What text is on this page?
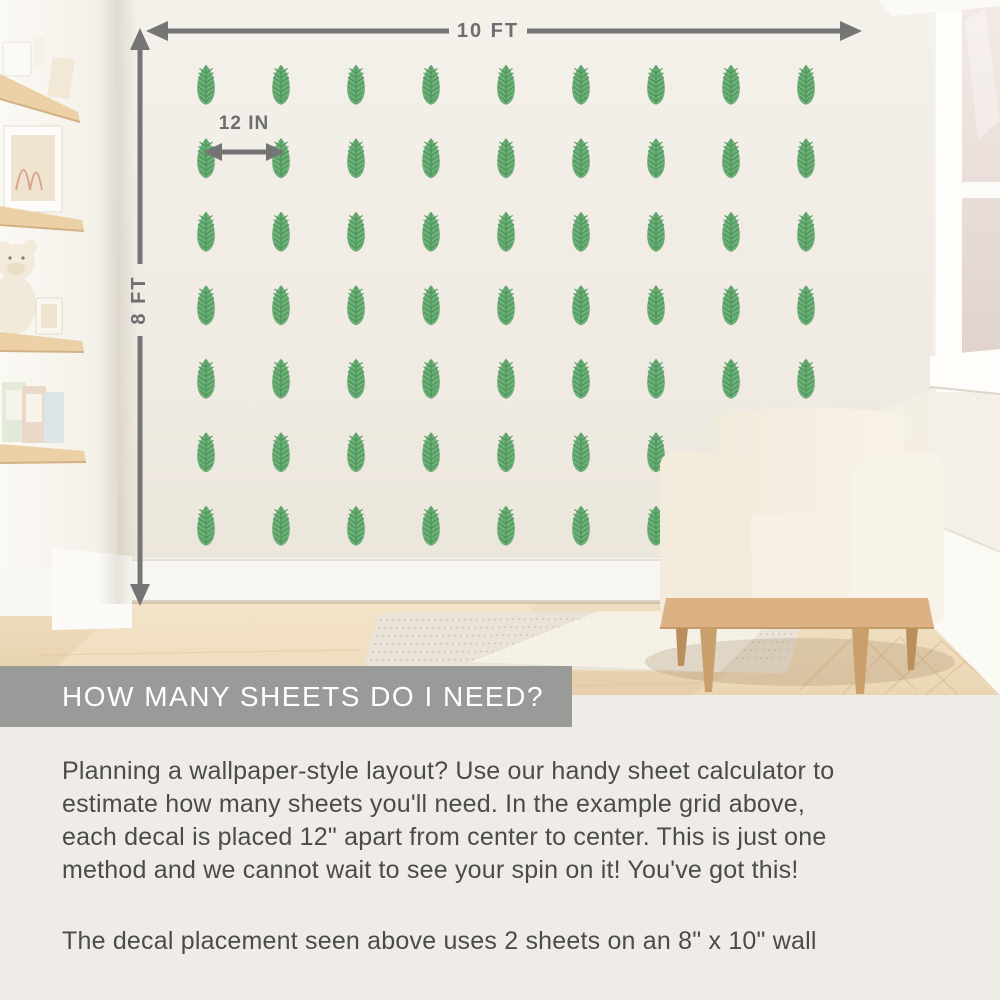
10 FT
8 FT
12 IN
Planning a wallpaper-style layout? Use our handy sheet calculator to
estimate how many sheets you'll need. In the example grid above,
each decal is placed 12" apart from center to center. This is just one
method and we cannot wait to see your spin on it! You've got this!
The decal placement seen above uses 2 sheets on an 8" x 10" wall
HOW MANY SHEETS DO I NEED?
